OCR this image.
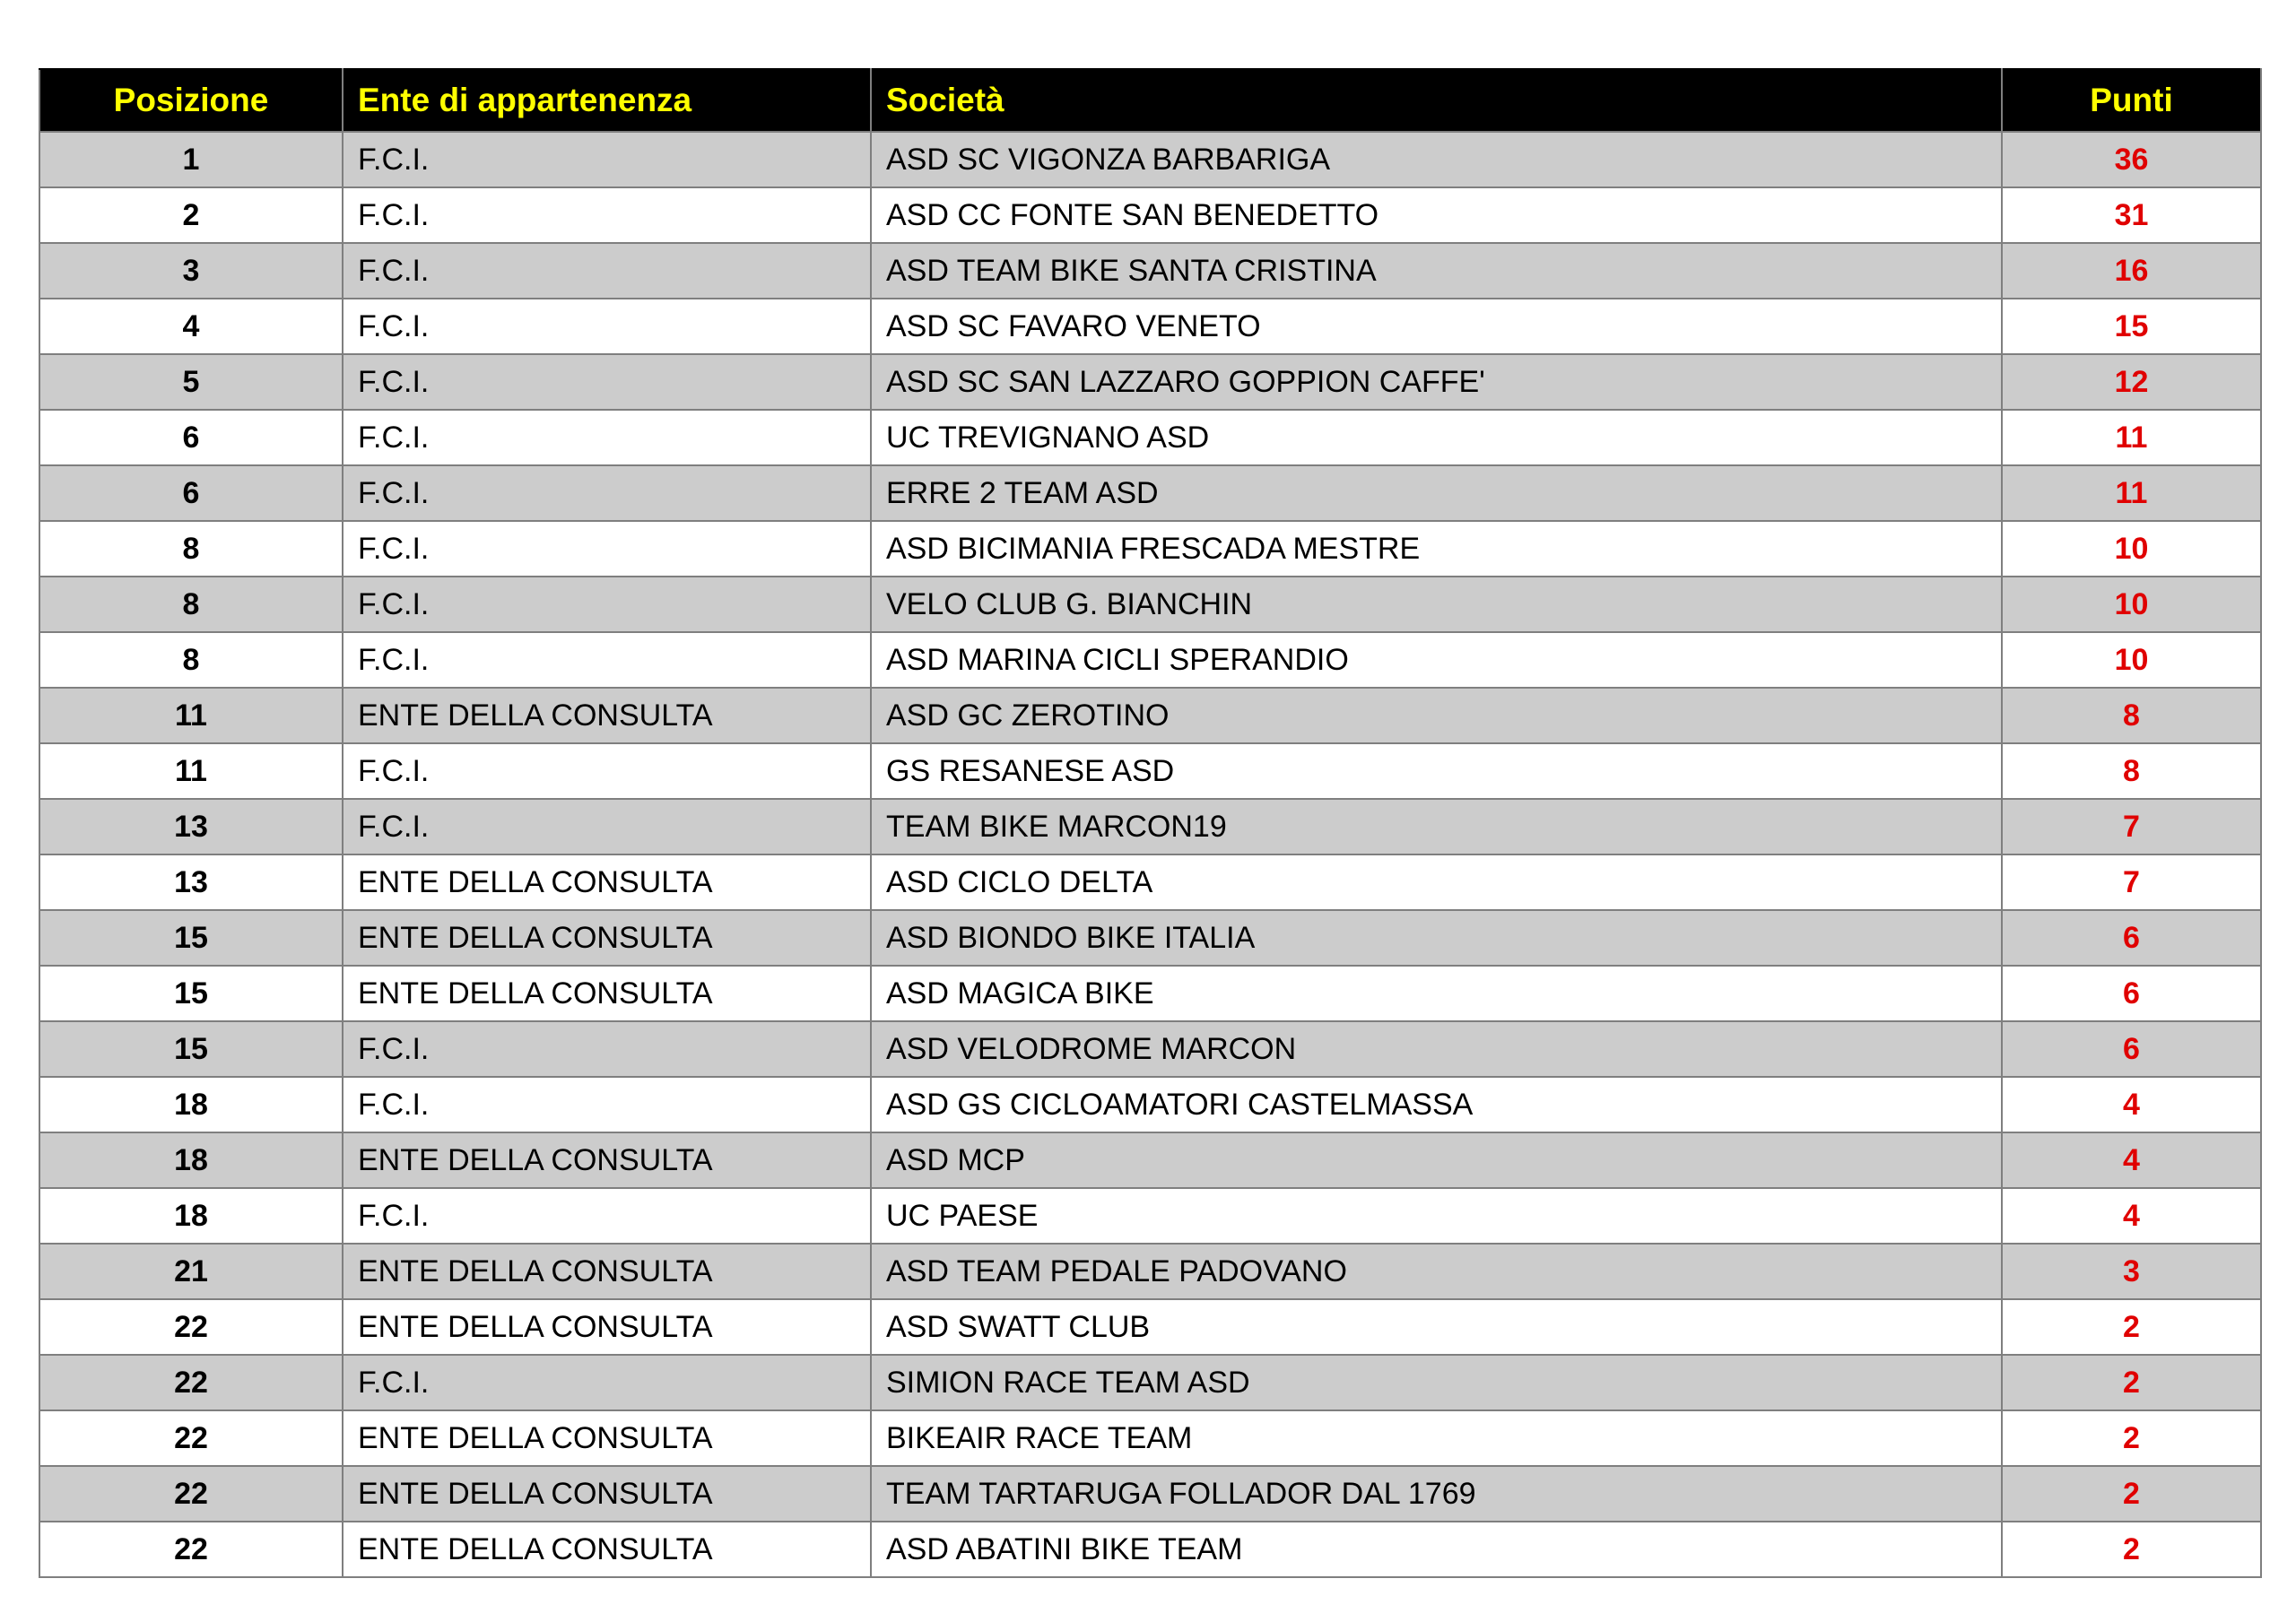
Posizione	Ente di appartenenza	Società	Punti
1	F.C.I.	ASD SC VIGONZA BARBARIGA	36
2	F.C.I.	ASD CC FONTE SAN BENEDETTO	31
3	F.C.I.	ASD TEAM BIKE SANTA CRISTINA	16
4	F.C.I.	ASD SC FAVARO VENETO	15
5	F.C.I.	ASD SC SAN LAZZARO GOPPION CAFFE'	12
6	F.C.I.	UC TREVIGNANO ASD	11
6	F.C.I.	ERRE 2 TEAM ASD	11
8	F.C.I.	ASD BICIMANIA FRESCADA MESTRE	10
8	F.C.I.	VELO CLUB G. BIANCHIN	10
8	F.C.I.	ASD MARINA CICLI SPERANDIO	10
11	ENTE DELLA CONSULTA	ASD GC ZEROTINO	8
11	F.C.I.	GS RESANESE ASD	8
13	F.C.I.	TEAM BIKE MARCON19	7
13	ENTE DELLA CONSULTA	ASD CICLO DELTA	7
15	ENTE DELLA CONSULTA	ASD BIONDO BIKE ITALIA	6
15	ENTE DELLA CONSULTA	ASD MAGICA BIKE	6
15	F.C.I.	ASD VELODROME MARCON	6
18	F.C.I.	ASD GS CICLOAMATORI CASTELMASSA	4
18	ENTE DELLA CONSULTA	ASD MCP	4
18	F.C.I.	UC PAESE	4
21	ENTE DELLA CONSULTA	ASD TEAM PEDALE PADOVANO	3
22	ENTE DELLA CONSULTA	ASD SWATT CLUB	2
22	F.C.I.	SIMION RACE TEAM ASD	2
22	ENTE DELLA CONSULTA	BIKEAIR RACE TEAM	2
22	ENTE DELLA CONSULTA	TEAM TARTARUGA FOLLADOR DAL 1769	2
22	ENTE DELLA CONSULTA	ASD ABATINI BIKE TEAM	2
